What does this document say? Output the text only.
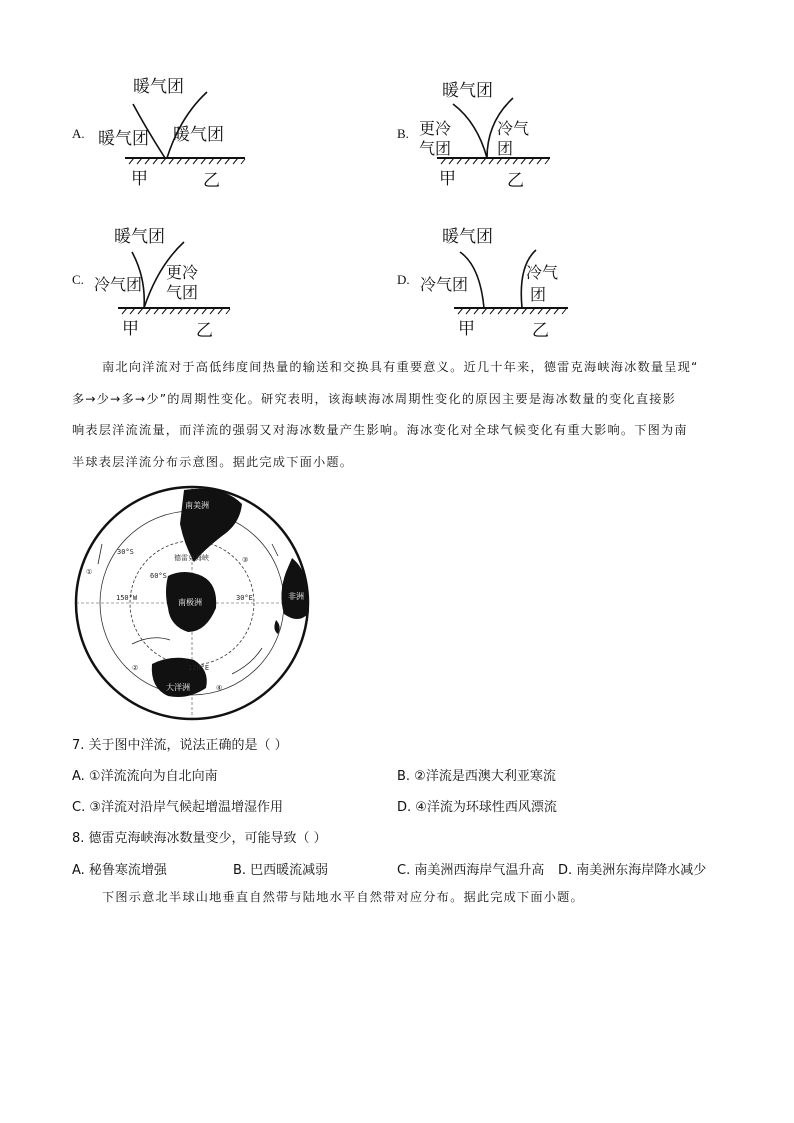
A.
暖气团
暖气团 暖气团
甲	乙
B.
暖气团
更冷
气团
冷气
团
甲	乙
C.
暖气团
冷气团
更冷
气团
甲	乙
D.
暖气团
冷气团
冷气
团
甲	乙

南北向洋流对于高低纬度间热量的输送和交换具有重要意义。近几十年来，德雷克海峡海冰数量呈现“

多→少→多→少”的周期性变化。研究表明，该海峡海冰周期性变化的原因主要是海冰数量的变化直接影

响表层洋流流量，而洋流的强弱又对海冰数量产生影响。海冰变化对全球气候变化有重大影响。下图为南

半球表层洋流分布示意图。据此完成下面小题。

南美洲
南极洲
非洲
大洋洲
德雷克海峡
30°S
60°S
150°W	30°E
120°E
①
②
③
④
7. 关于图中洋流，说法正确的是（ ）
A. ①洋流流向为自北向南	B. ②洋流是西澳大利亚寒流
C. ③洋流对沿岸气候起增温增湿作用	D. ④洋流为环球性西风漂流
8. 德雷克海峡海冰数量变少，可能导致（ ）
A. 秘鲁寒流增强	B. 巴西暖流减弱	C. 南美洲西海岸气温升高 D. 南美洲东海岸降水减少

下图示意北半球山地垂直自然带与陆地水平自然带对应分布。据此完成下面小题。
